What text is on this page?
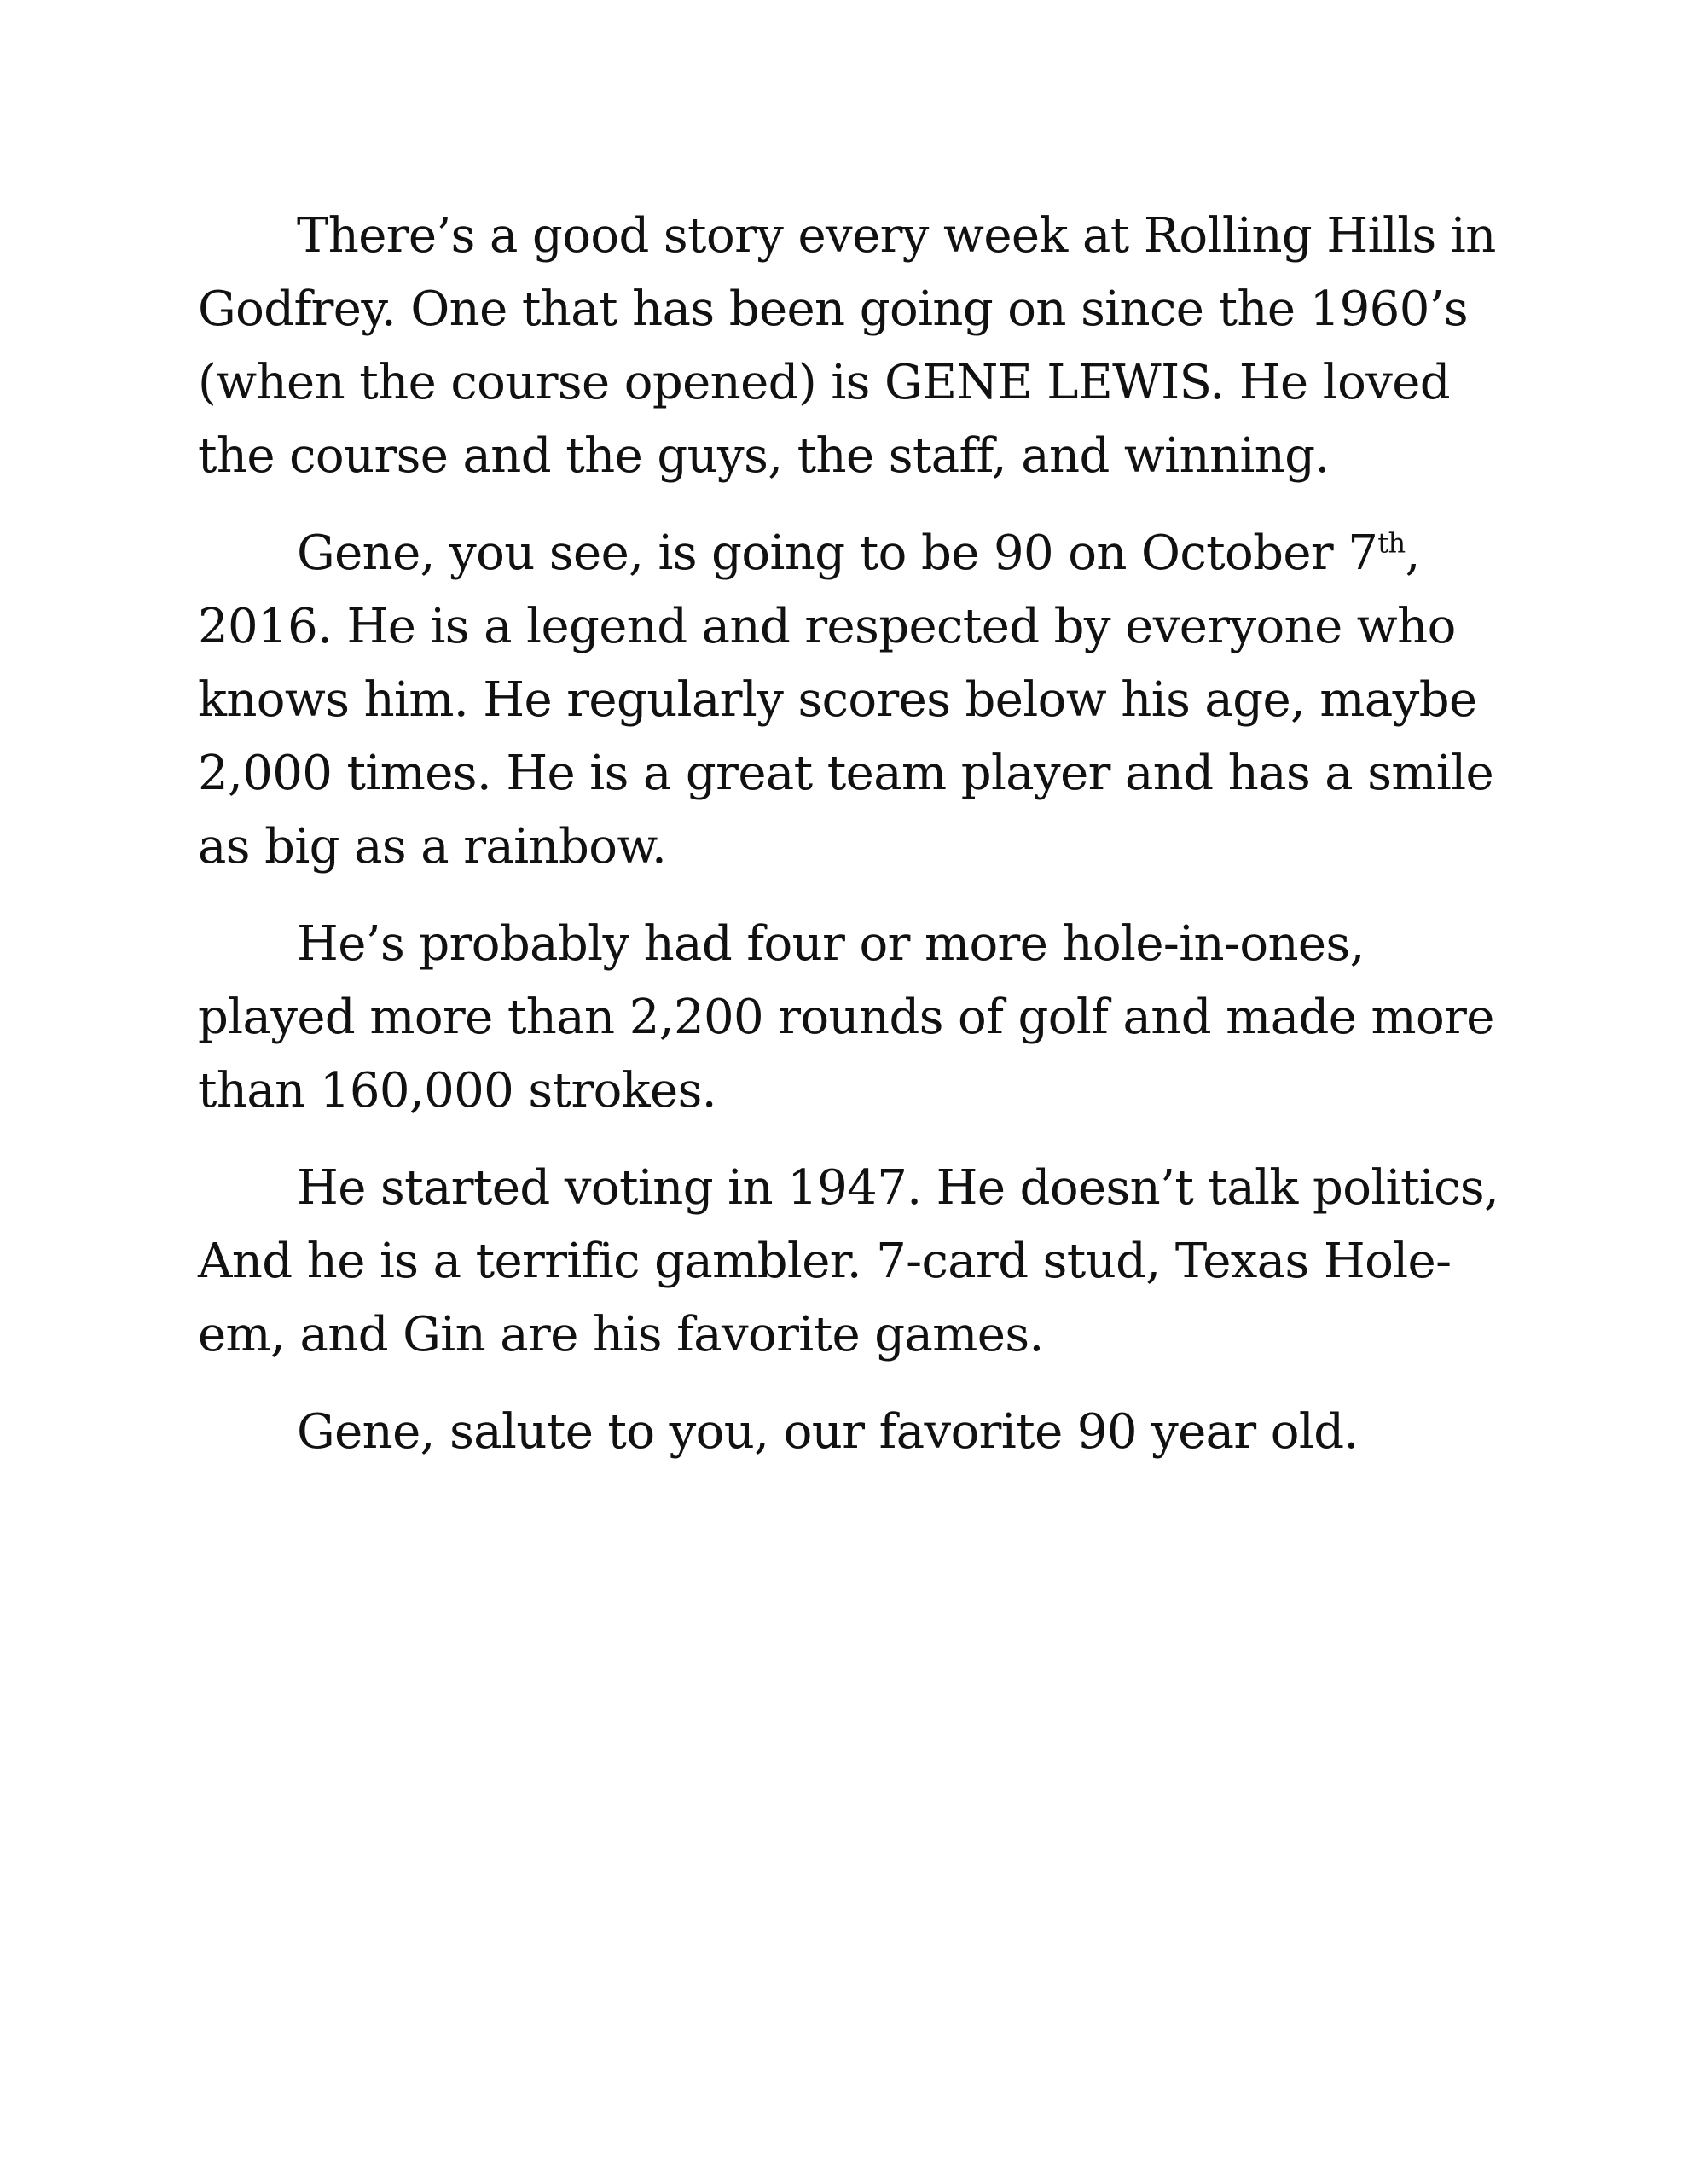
There’s a good story every week at Rolling Hills in
Godfrey. One that has been going on since the 1960’s
(when the course opened) is GENE LEWIS. He loved
the course and the guys, the staff, and winning.

Gene, you see, is going to be 90 on October 7th,
2016. He is a legend and respected by everyone who
knows him. He regularly scores below his age, maybe
2,000 times. He is a great team player and has a smile
as big as a rainbow.

He’s probably had four or more hole-in-ones,
played more than 2,200 rounds of golf and made more
than 160,000 strokes.

He started voting in 1947. He doesn’t talk politics,
And he is a terrific gambler. 7-card stud, Texas Hole-
em, and Gin are his favorite games.

Gene, salute to you, our favorite 90 year old.
